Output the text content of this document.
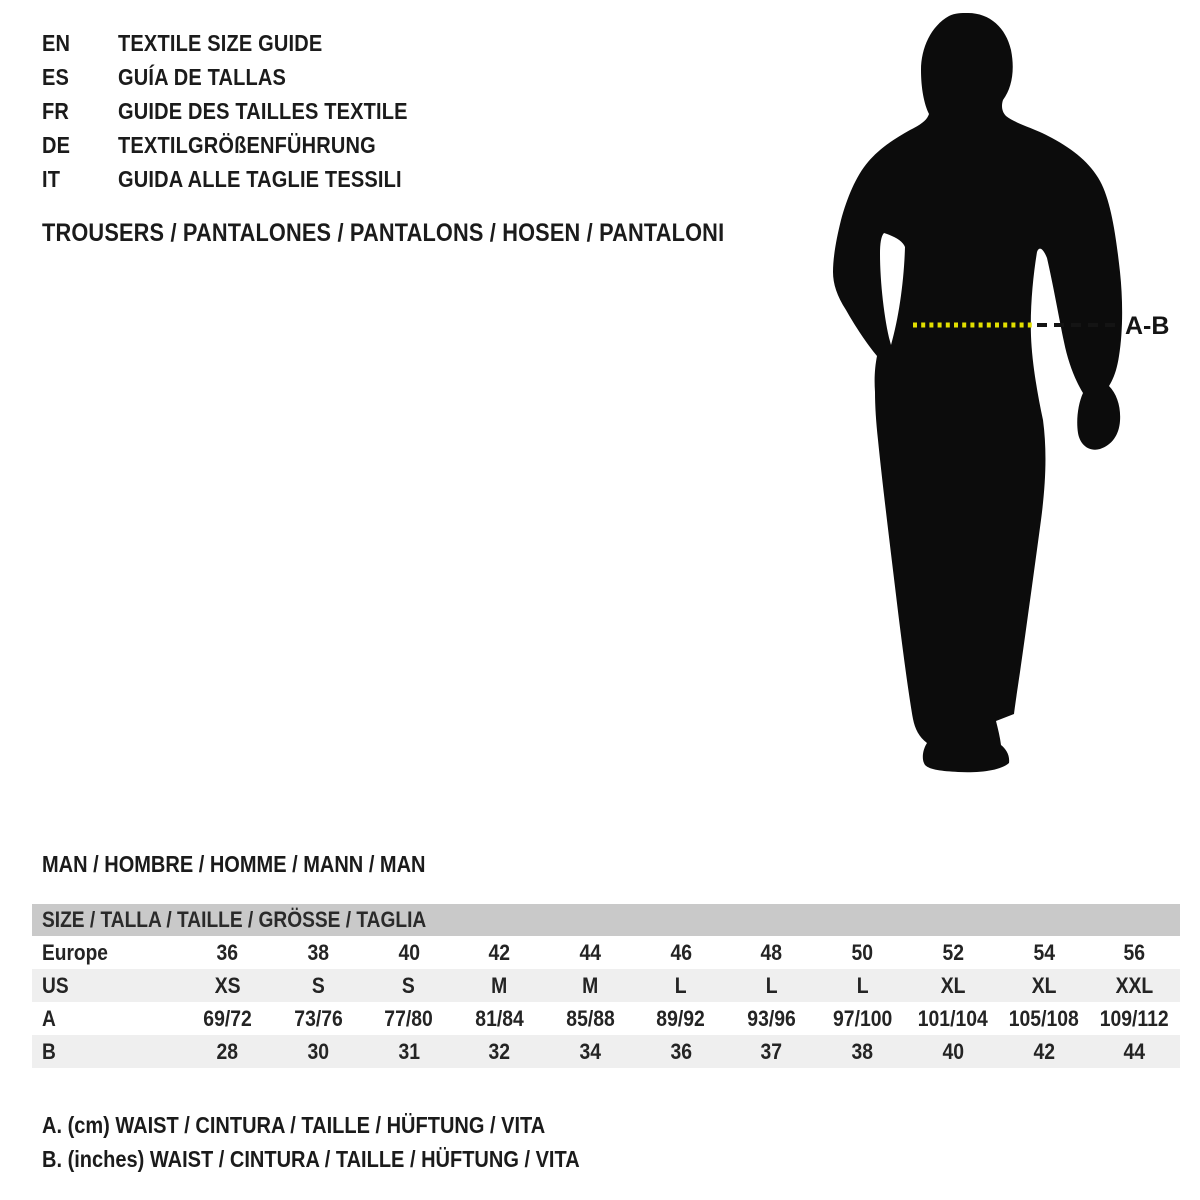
EN TEXTILE SIZE GUIDE
ES GUÍA DE TALLAS
FR GUIDE DES TAILLES TEXTILE
DE TEXTILGRÖßENFÜHRUNG
IT	GUIDA ALLE TAGLIE TESSILI
TROUSERS / PANTALONES / PANTALONS / HOSEN / PANTALONI
A-B
MAN / HOMBRE / HOMME / MANN / MAN
SIZE / TALLA / TAILLE / GRÖSSE / TAGLIA
Europe	36	38	40	42	44	46	48	50	52	54	56
US	XS	S	S	M	M	L	L	L	XL	XL	XXL
A	69/72	73/76	77/80	81/84	85/88	89/92	93/96	97/100	101/104 105/108 109/112
B	28	30	31	32	34	36	37	38	40	42	44
A. (cm) WAIST / CINTURA / TAILLE / HÜFTUNG / VITA
B. (inches) WAIST / CINTURA / TAILLE / HÜFTUNG / VITA
